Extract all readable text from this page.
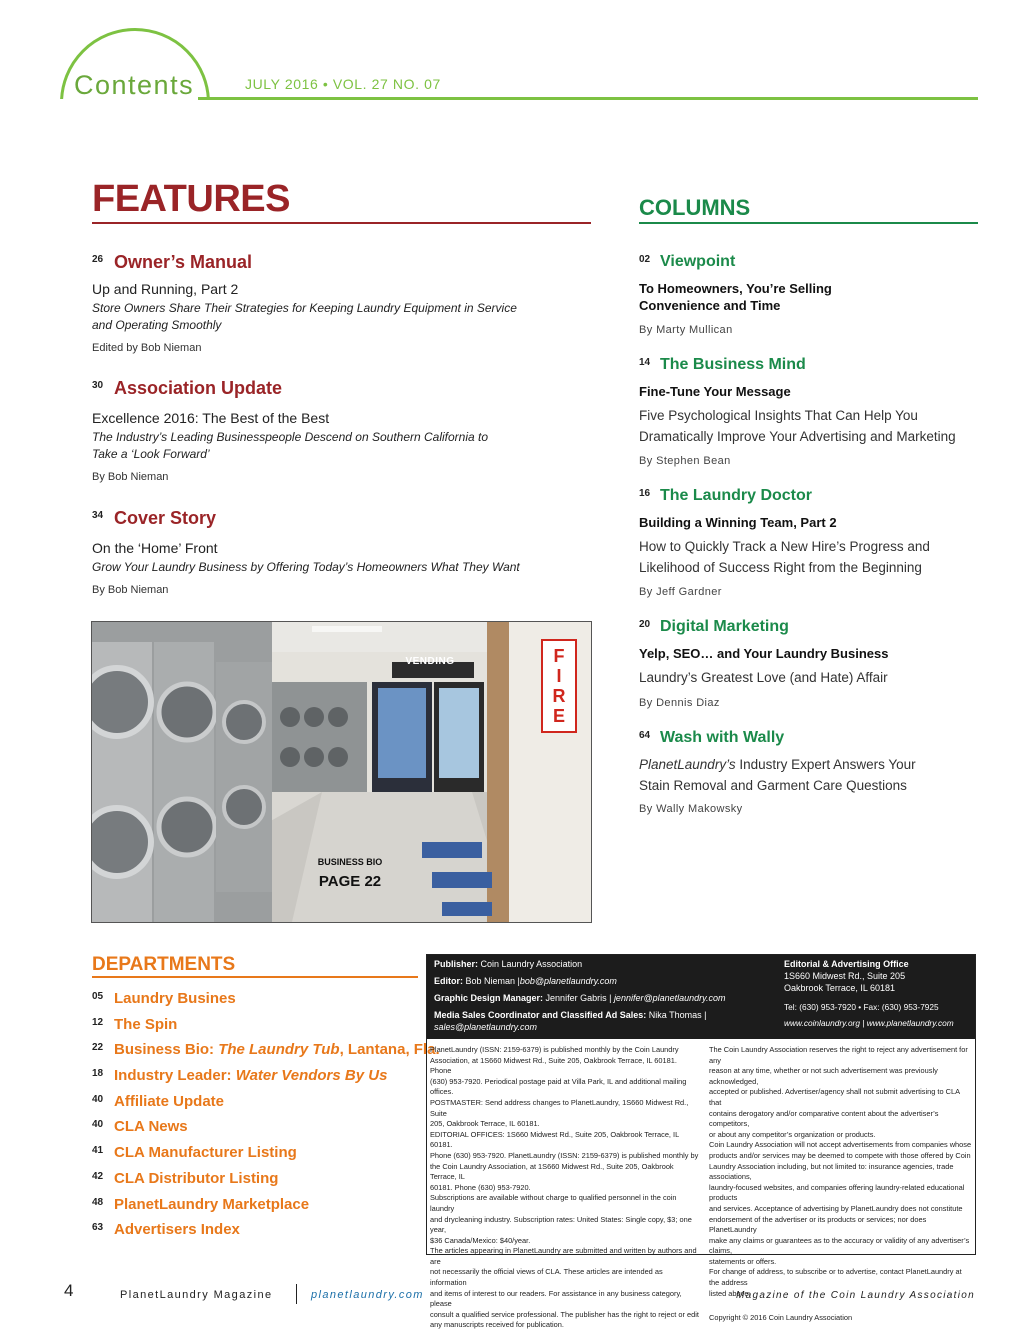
Contents	JULY 2016 • VOL. 27 NO. 07
FEATURES
26 Owner’s Manual
Up and Running, Part 2
Store Owners Share Their Strategies for Keeping Laundry Equipment in Service
and Operating Smoothly
Edited by Bob Nieman
30 Association Update
Excellence 2016: The Best of the Best
The Industry’s Leading Businesspeople Descend on Southern California to
Take a ‘Look Forward’
By Bob Nieman
34 Cover Story
On the ‘Home’ Front
Grow Your Laundry Business by Offering Today’s Homeowners What They Want
By Bob Nieman
F
I
R
E
VENDING
BUSINESS BIO
PAGE 22
COLUMNS
02 Viewpoint
To Homeowners, You’re Selling
Convenience and Time
By Marty Mullican
14 The Business Mind
Fine-Tune Your Message
Five Psychological Insights That Can Help You
Dramatically Improve Your Advertising and Marketing
By Stephen Bean
16 The Laundry Doctor
Building a Winning Team, Part 2
How to Quickly Track a New Hire’s Progress and
Likelihood of Success Right from the Beginning
By Jeff Gardner
20 Digital Marketing
Yelp, SEO… and Your Laundry Business
Laundry’s Greatest Love (and Hate) Affair
By Dennis Diaz
64 Wash with Wally
PlanetLaundry’s Industry Expert Answers Your
Stain Removal and Garment Care Questions
By Wally Makowsky
DEPARTMENTS
05 Laundry Busines
12 The Spin
22 Business Bio: The Laundry Tub, Lantana, Fla.
18 Industry Leader: Water Vendors By Us
40 Affiliate Update
40 CLA News
41 CLA Manufacturer Listing
42 CLA Distributor Listing
48 PlanetLaundry Marketplace
63 Advertisers Index
Publisher: Coin Laundry Association
Editor: Bob Nieman |bob@planetlaundry.com
Graphic Design Manager: Jennifer Gabris | jennifer@planetlaundry.com
Media Sales Coordinator and Classified Ad Sales: Nika Thomas |
sales@planetlaundry.com
Editorial & Advertising Office
1S660 Midwest Rd., Suite 205
Oakbrook Terrace, IL 60181
Tel: (630) 953-7920 • Fax: (630) 953-7925
www.coinlaundry.org | www.planetlaundry.com
PlanetLaundry (ISSN: 2159-6379) is published monthly by the Coin Laundry
Association, at 1S660 Midwest Rd., Suite 205, Oakbrook Terrace, IL 60181. Phone
(630) 953-7920. Periodical postage paid at Villa Park, IL and additional mailing offices.
POSTMASTER: Send address changes to PlanetLaundry, 1S660 Midwest Rd., Suite
205, Oakbrook Terrace, IL 60181.
EDITORIAL OFFICES: 1S660 Midwest Rd., Suite 205, Oakbrook Terrace, IL 60181.
Phone (630) 953-7920. PlanetLaundry (ISSN: 2159-6379) is published monthly by
the Coin Laundry Association, at 1S660 Midwest Rd., Suite 205, Oakbrook Terrace, IL
60181. Phone (630) 953-7920.
Subscriptions are available without charge to qualified personnel in the coin laundry
and drycleaning industry. Subscription rates: United States: Single copy, $3; one year,
$36 Canada/Mexico: $40/year.
The articles appearing in PlanetLaundry are submitted and written by authors and are
not necessarily the official views of CLA. These articles are intended as information
and items of interest to our readers. For assistance in any business category, please
consult a qualified service professional. The publisher has the right to reject or edit
any manuscripts received for publication.
The Coin Laundry Association reserves the right to reject any advertisement for any
reason at any time, whether or not such advertisement was previously acknowledged,
accepted or published. Advertiser/agency shall not submit advertising to CLA that
contains derogatory and/or comparative content about the advertiser’s competitors,
or about any competitor’s organization or products.
Coin Laundry Association will not accept advertisements from companies whose
products and/or services may be deemed to compete with those offered by Coin
Laundry Association including, but not limited to: insurance agencies, trade associations,
laundry-focused websites, and companies offering laundry-related educational products
and services. Acceptance of advertising by PlanetLaundry does not constitute
endorsement of the advertiser or its products or services; nor does PlanetLaundry
make any claims or guarantees as to the accuracy or validity of any advertiser’s claims,
statements or offers.
For change of address, to subscribe or to advertise, contact PlanetLaundry at the address
listed above.
Copyright © 2016 Coin Laundry Association
4	PlanetLaundry Magazine	planetlaundry.com	Magazine of the Coin Laundry Association
